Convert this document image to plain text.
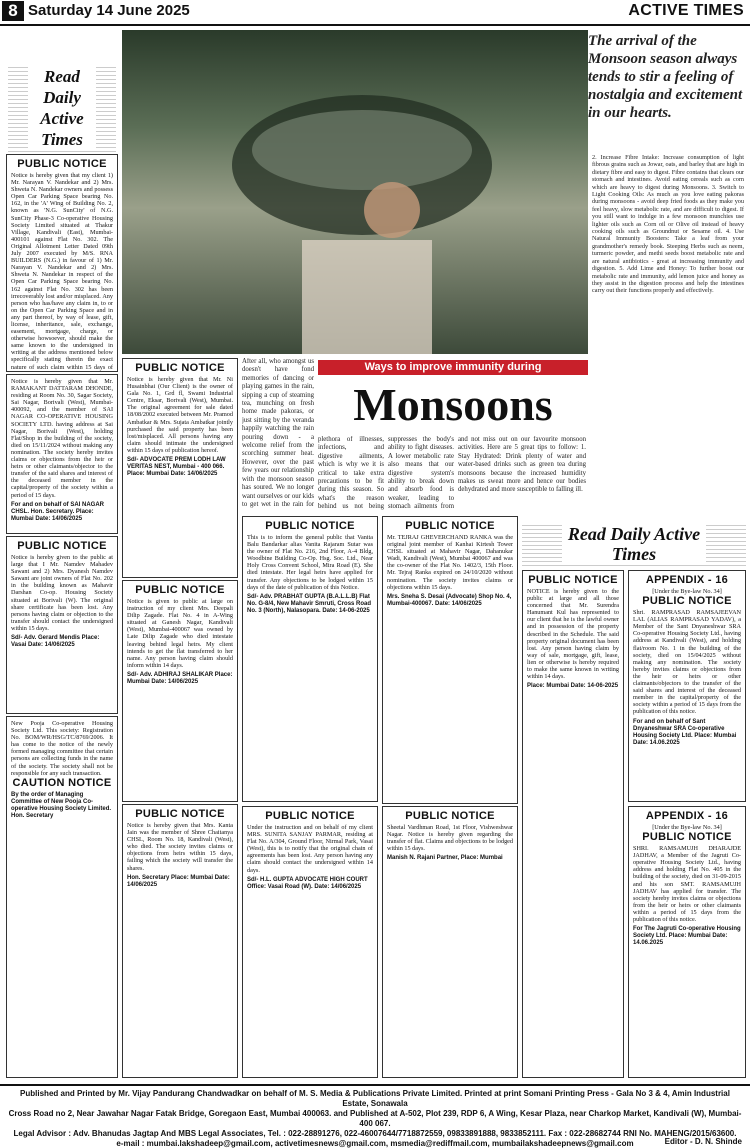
8 Saturday 14 June 2025	ACTIVE TIMES
Read Daily Active Times
PUBLIC NOTICE
Notice is hereby given that my client 1) Mr. Narayan V. Nandekar and 2) Mrs. Shweta N. Nandekar owners and possess Open Car Parking Space bearing No. 162, in the 'A' Wing of Building No. 2, known as 'N.G. SunCity' of N.G. SunCity Phase-3 Co-operative Housing Society Limited situated at Thakur Village, Kandivali (East), Mumbai-400101 against Flat No. 302. The Original Allotment Letter Dated 09th July 2007 executed by M/S. RNA BUILDERS (N.G.) in favour of 1) Mr. Narayan V. Nandekar and 2) Mrs. Shweta N. Nandekar in respect of the Open Car Parking Space bearing No. 162 against Flat No. 302 has been irrecoverably lost and/or misplaced. Any person who has/have any claim in, to or on the Open Car Parking Space and in any part thereof, by way of lease, gift, license, inheritance, sale, exchange, easement, mortgage, charge, or otherwise howsoever, should make the same known to the undersigned in writing at the address mentioned below specifically stating therein the exact nature of such claim within 15 days of
Notice is hereby given that Mr. RAMAKANT DATTARAM DHONDE, residing at Room No. 30, Sagar Society, Sai Nagar, Borivali (West), Mumbai-400092, and the member of SAI NAGAR CO-OPERATIVE HOUSING SOCIETY LTD. having address at Sai Nagar, Borivali (West), holding Flat/Shop in the building of the society, died on 15/11/2024 without making any nomination. The society hereby invites claims or objections from the heir or heirs or other claimants/objector to the transfer of the said shares and interest of the deceased member in the capital/property of the society within a period of 15 days.
For and on behalf of SAI NAGAR CHSL. Hon. Secretary. Place: Mumbai Date: 14/06/2025
PUBLIC NOTICE
Notice is hereby given to the public at large that I Mr. Namdev Mahadev Sawant and 2) Mrs. Dyanesh Namdev Sawant are joint owners of Flat No. 202 in the building known as Mahavir Darshan Co-op. Housing Society situated at Borivali (W). The original share certificate has been lost. Any persons having claim or objection to the transfer should contact the undersigned within 15 days.
Sd/- Adv. Gerard Mendis Place: Vasai Date: 14/06/2025
New Pooja Co-operative Housing Society Ltd. This society: Registration No. BOM/WR/HSG/TC/8769/2006. It has come to the notice of the newly formed managing committee that certain persons are collecting funds in the name of the society. The society shall not be responsible for any such transaction.
CAUTION NOTICE
By the order of Managing Committee of New Pooja Co-operative Housing Society Limited. Hon. Secretary
The arrival of the Monsoon season always tends to stir a feeling of nostalgia and excitement in our hearts.
2. Increase Fibre Intake: Increase consumption of light fibrous grains such as Jowar, oats, and barley that are high in dietary fibre and easy to digest. Fibre contains that clears our stomach and intestines. Avoid eating cereals such as corn which are heavy to digest during Monsoons. 3. Switch to Light Cooking Oils: As much as you love eating pakoras during monsoons - avoid deep fried foods as they make you feel heavy, slow metabolic rate, and are difficult to digest. If you still want to indulge in a few monsoon munchies use lighter oils such as Corn oil or Olive oil instead of heavy cooking oils such as Groundnut or Sesame oil. 4. Use Natural Immunity Boosters: Take a leaf from your grandmother's remedy book. Steeping Herbs such as neem, turmeric powder, and methi seeds boost metabolic rate and are natural antibiotics - great at increasing immunity and digestion. 5. Add Lime and Honey: To further boost our metabolic rate and immunity, add lemon juice and honey as they assist in the digestion process and help the intestines carry out their functions properly and effectively.
PUBLIC NOTICE
Notice is hereby given that Mr. Ni Husainbhai (Our Client) is the owner of Gala No. 1, Grd fl, Swami Industrial Centre, Eksar, Borivali (West), Mumbai. The original agreement for sale dated 18/08/2002 executed between Mr. Pramod Ambatkar & Mrs. Sujata Ambatkar jointly purchased the said property has been lost/misplaced. All persons having any claim should intimate the undersigned within 15 days of publication hereof.
Sd/- ADVOCATE PREM LODH LAW VERITAS NEST, Mumbai - 400 066. Place: Mumbai Date: 14/06/2025
PUBLIC NOTICE
Notice is given to public at large on instruction of my client Mrs. Deepali Dilip Zagade. Flat No. 4 in A-Wing situated at Ganesh Nagar, Kandivali (West), Mumbai-400067 was owned by Late Dilip Zagade who died intestate leaving behind legal heirs. My client intends to get the flat transferred to her name. Any person having claim should inform within 14 days.
Sd/- Adv. ADHIRAJ SHALIKAR Place: Mumbai Date: 14/06/2025
PUBLIC NOTICE
Notice is hereby given that Mrs. Kanta Jain was the member of Shree Chaitanya CHSL, Room No. 18, Kandivali (West), who died. The society invites claims or objections from heirs within 15 days, failing which the society will transfer the shares.
Hon. Secretary Place: Mumbai Date: 14/06/2025
After all, who amongst us doesn't have fond memories of dancing or playing games in the rain, sipping a cup of steaming tea, munching on fresh home made pakoras, or just sitting by the veranda happily watching the rain pouring down - a welcome relief from the scorching summer heat. However, over the past few years our relationship with the monsoon season has soured. We no longer want ourselves or our kids to get wet in the rain for
Ways to improve immunity during
Monsoons
plethora of illnesses, infections, and digestive ailments, which is why we it is critical to take extra precautions to be fit during this season. So what's the reason behind us not being
suppresses the body's ability to fight diseases. A lower metabolic rate also means that our digestive system's ability to break down and absorb food is weaker, leading to stomach ailments from
and not miss out on our favourite monsoon activities. Here are 5 great tips to follow: 1. Stay Hydrated: Drink plenty of water and water-based drinks such as green tea during monsoons because the increased humidity makes us sweat more and hence our bodies dehydrated and more susceptible to falling ill.
PUBLIC NOTICE
This is to inform the general public that Vanita Balu Bandarkar alias Vanita Rajaram Sutar was the owner of Flat No. 216, 2nd Floor, A-4 Bldg, Woodbine Building Co-Op. Hsg. Soc. Ltd., Near Holy Cross Convent School, Mira Road (E). She died intestate. Her legal heirs have applied for transfer. Any objections to be lodged within 15 days of the date of publication of this Notice.
Sd/- Adv. PRABHAT GUPTA (B.A.L.L.B) Flat No. G-8/4, New Mahavir Smruti, Cross Road No. 3 (North), Nalasopara. Date: 14-06-2025
PUBLIC NOTICE
Mr. TEJRAJ GHEVERCHAND RANKA was the original joint member of Kanhai Kirtesh Tower CHSL situated at Mahavir Nagar, Dahanukar Wadi, Kandivali (West), Mumbai 400067 and was the co-owner of the Flat No. 1402/3, 15th Floor. Mr. Tejraj Ranka expired on 24/10/2020 without nomination. The society invites claims or objections within 15 days.
Mrs. Sneha S. Desai (Advocate) Shop No. 4, Mumbai-400067. Date: 14/06/2025
PUBLIC NOTICE
Under the instruction and on behalf of my client MRS. SUNITA SANJAY PARMAR, residing at Flat No. A/304, Ground Floor, Nirmal Park, Vasai (West), this is to notify that the original chain of agreements has been lost. Any person having any claim should contact the undersigned within 14 days.
Sd/- H.L. GUPTA ADVOCATE HIGH COURT Office: Vasai Road (W). Date: 14/06/2025
PUBLIC NOTICE
Sheetal Vardhman Road, 1st Floor, Vishweshwar Nagar. Notice is hereby given regarding the transfer of flat. Claims and objections to be lodged within 15 days.
Manish N. Rajani Partner, Place: Mumbai
Read Daily Active Times
PUBLIC NOTICE
NOTICE is hereby given to the public at large and all those concerned that Mr. Surendra Hanumant Kul has represented to our client that he is the lawful owner and in possession of the property described in the Schedule. The said property original document has been lost. Any person having claim by way of sale, mortgage, gift, lease, lien or otherwise is hereby required to make the same known in writing within 14 days.
Place: Mumbai Date: 14-06-2025
APPENDIX - 16
[Under the Bye-law No. 34]
PUBLIC NOTICE
Shri. RAMPRASAD RAMSAJEEVAN LAL (ALIAS RAMPRASAD YADAV), a Member of the Sant Dnyaneshwar SRA Co-operative Housing Society Ltd., having address at Kandivali (West), and holding flat/room No. 1 in the building of the society, died on 15/04/2025 without making any nomination. The society hereby invites claims or objections from the heir or heirs or other claimants/objectors to the transfer of the said shares and interest of the deceased member in the capital/property of the society within a period of 15 days from the publication of this notice.
For and on behalf of Sant Dnyaneshwar SRA Co-operative Housing Society Ltd. Place: Mumbai Date: 14.06.2025
APPENDIX - 16
[Under the Bye-law No. 34]
PUBLIC NOTICE
SHRI. RAMSAMUJH DHARAJDE JADHAV, a Member of the Jagruti Co-operative Housing Society Ltd., having address and holding Flat No. 405 in the building of the society, died on 31-09-2015 and his son SMT. RAMSAMUJH JADHAV has applied for transfer. The society hereby invites claims or objections from the heir or heirs or other claimants within a period of 15 days from the publication of this notice.
For The Jagruti Co-operative Housing Society Ltd. Place: Mumbai Date: 14.06.2025
Published and Printed by Mr. Vijay Pandurang Chandwadkar on behalf of M. S. Media & Publications Private Limited. Printed at print Somani Printing Press - Gala No 3 & 4, Amin Industrial Estate, Sonawala
Cross Road no 2, Near Jawahar Nagar Fatak Bridge, Goregaon East, Mumbai 400063. and Published at A-502, Plot 239, RDP 6, A Wing, Kesar Plaza, near Charkop Market, Kandivali (W), Mumbai-400 067.
Legal Advisor : Adv. Bhanudas Jagtap And MBS Legal Associates, Tel. : 022-28891276, 022-46007644/7718872559, 09833891888, 9833852111. Fax : 022-28682744 RNI No. MAHENG/2015/63600.
e-mail : mumbai.lakshadeep@gmail.com, activetimesnews@gmail.com, msmedia@rediffmail.com, mumbailakshadeepnews@gmail.com	Editor - D. N. Shinde
